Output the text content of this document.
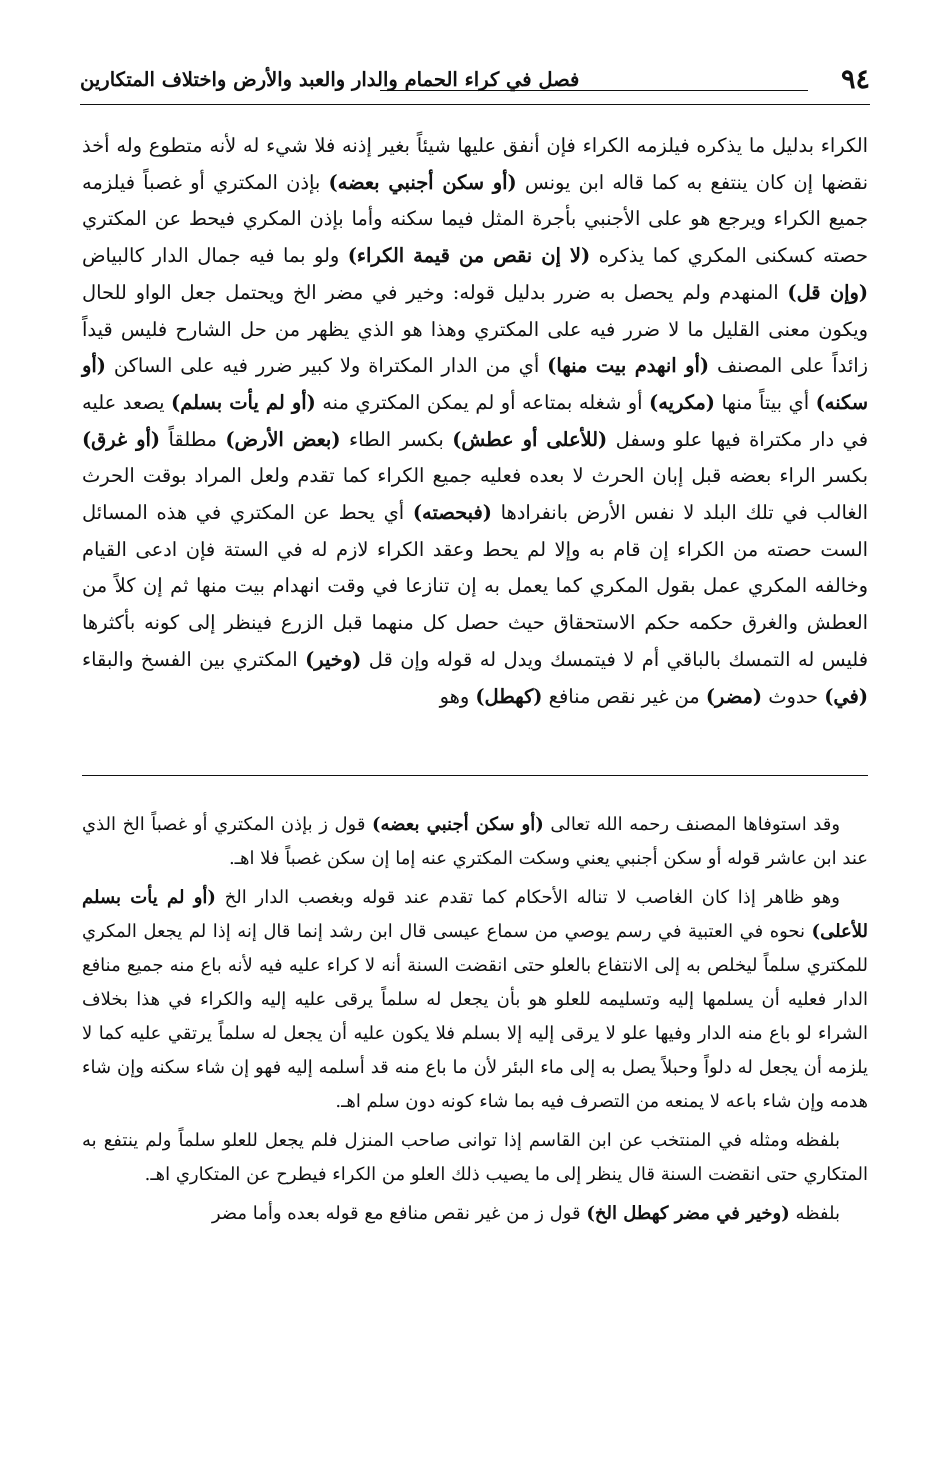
٩٤
فصل في كراء الحمام والدار والعبد والأرض واختلاف المتكارين

الكراء بدليل ما يذكره فيلزمه الكراء فإن أنفق عليها شيئاً بغير إذنه فلا شيء له لأنه متطوع وله أخذ نقضها إن كان ينتفع به كما قاله ابن يونس (أو سكن أجنبي بعضه) بإذن المكتري أو غصباً فيلزمه جميع الكراء ويرجع هو على الأجنبي بأجرة المثل فيما سكنه وأما بإذن المكري فيحط عن المكتري حصته كسكنى المكري كما يذكره (لا إن نقص من قيمة الكراء) ولو بما فيه جمال الدار كالبياض (وإن قل) المنهدم ولم يحصل به ضرر بدليل قوله: وخير في مضر الخ ويحتمل جعل الواو للحال ويكون معنى القليل ما لا ضرر فيه على المكتري وهذا هو الذي يظهر من حل الشارح فليس قيداً زائداً على المصنف (أو انهدم بيت منها) أي من الدار المكتراة ولا كبير ضرر فيه على الساكن (أو سكنه) أي بيتاً منها (مكريه) أو شغله بمتاعه أو لم يمكن المكتري منه (أو لم يأت بسلم) يصعد عليه في دار مكتراة فيها علو وسفل (للأعلى أو عطش) بكسر الطاء (بعض الأرض) مطلقاً (أو غرق) بكسر الراء بعضه قبل إبان الحرث لا بعده فعليه جميع الكراء كما تقدم ولعل المراد بوقت الحرث الغالب في تلك البلد لا نفس الأرض بانفرادها (فبحصته) أي يحط عن المكتري في هذه المسائل الست حصته من الكراء إن قام به وإلا لم يحط وعقد الكراء لازم له في الستة فإن ادعى القيام وخالفه المكري عمل بقول المكري كما يعمل به إن تنازعا في وقت انهدام بيت منها ثم إن كلاً من العطش والغرق حكمه حكم الاستحقاق حيث حصل كل منهما قبل الزرع فينظر إلى كونه بأكثرها فليس له التمسك بالباقي أم لا فيتمسك ويدل له قوله وإن قل (وخير) المكتري بين الفسخ والبقاء (في) حدوث (مضر) من غير نقص منافع (كهطل) وهو

وقد استوفاها المصنف رحمه الله تعالى (أو سكن أجنبي بعضه) قول ز بإذن المكتري أو غصباً الخ الذي عند ابن عاشر قوله أو سكن أجنبي يعني وسكت المكتري عنه إما إن سكن غصباً فلا اهـ.

وهو ظاهر إذا كان الغاصب لا تناله الأحكام كما تقدم عند قوله وبغصب الدار الخ (أو لم يأت بسلم للأعلى) نحوه في العتبية في رسم يوصي من سماع عيسى قال ابن رشد إنما قال إنه إذا لم يجعل المكري للمكتري سلماً ليخلص به إلى الانتفاع بالعلو حتى انقضت السنة أنه لا كراء عليه فيه لأنه باع منه جميع منافع الدار فعليه أن يسلمها إليه وتسليمه للعلو هو بأن يجعل له سلماً يرقى عليه إليه والكراء في هذا بخلاف الشراء لو باع منه الدار وفيها علو لا يرقى إليه إلا بسلم فلا يكون عليه أن يجعل له سلماً يرتقي عليه كما لا يلزمه أن يجعل له دلواً وحبلاً يصل به إلى ماء البئر لأن ما باع منه قد أسلمه إليه فهو إن شاء سكنه وإن شاء هدمه وإن شاء باعه لا يمنعه من التصرف فيه بما شاء كونه دون سلم اهـ.

بلفظه ومثله في المنتخب عن ابن القاسم إذا توانى صاحب المنزل فلم يجعل للعلو سلماً ولم ينتفع به المتكاري حتى انقضت السنة قال ينظر إلى ما يصيب ذلك العلو من الكراء فيطرح عن المتكاري اهـ.

بلفظه (وخير في مضر كهطل الخ) قول ز من غير نقص منافع مع قوله بعده وأما مضر
